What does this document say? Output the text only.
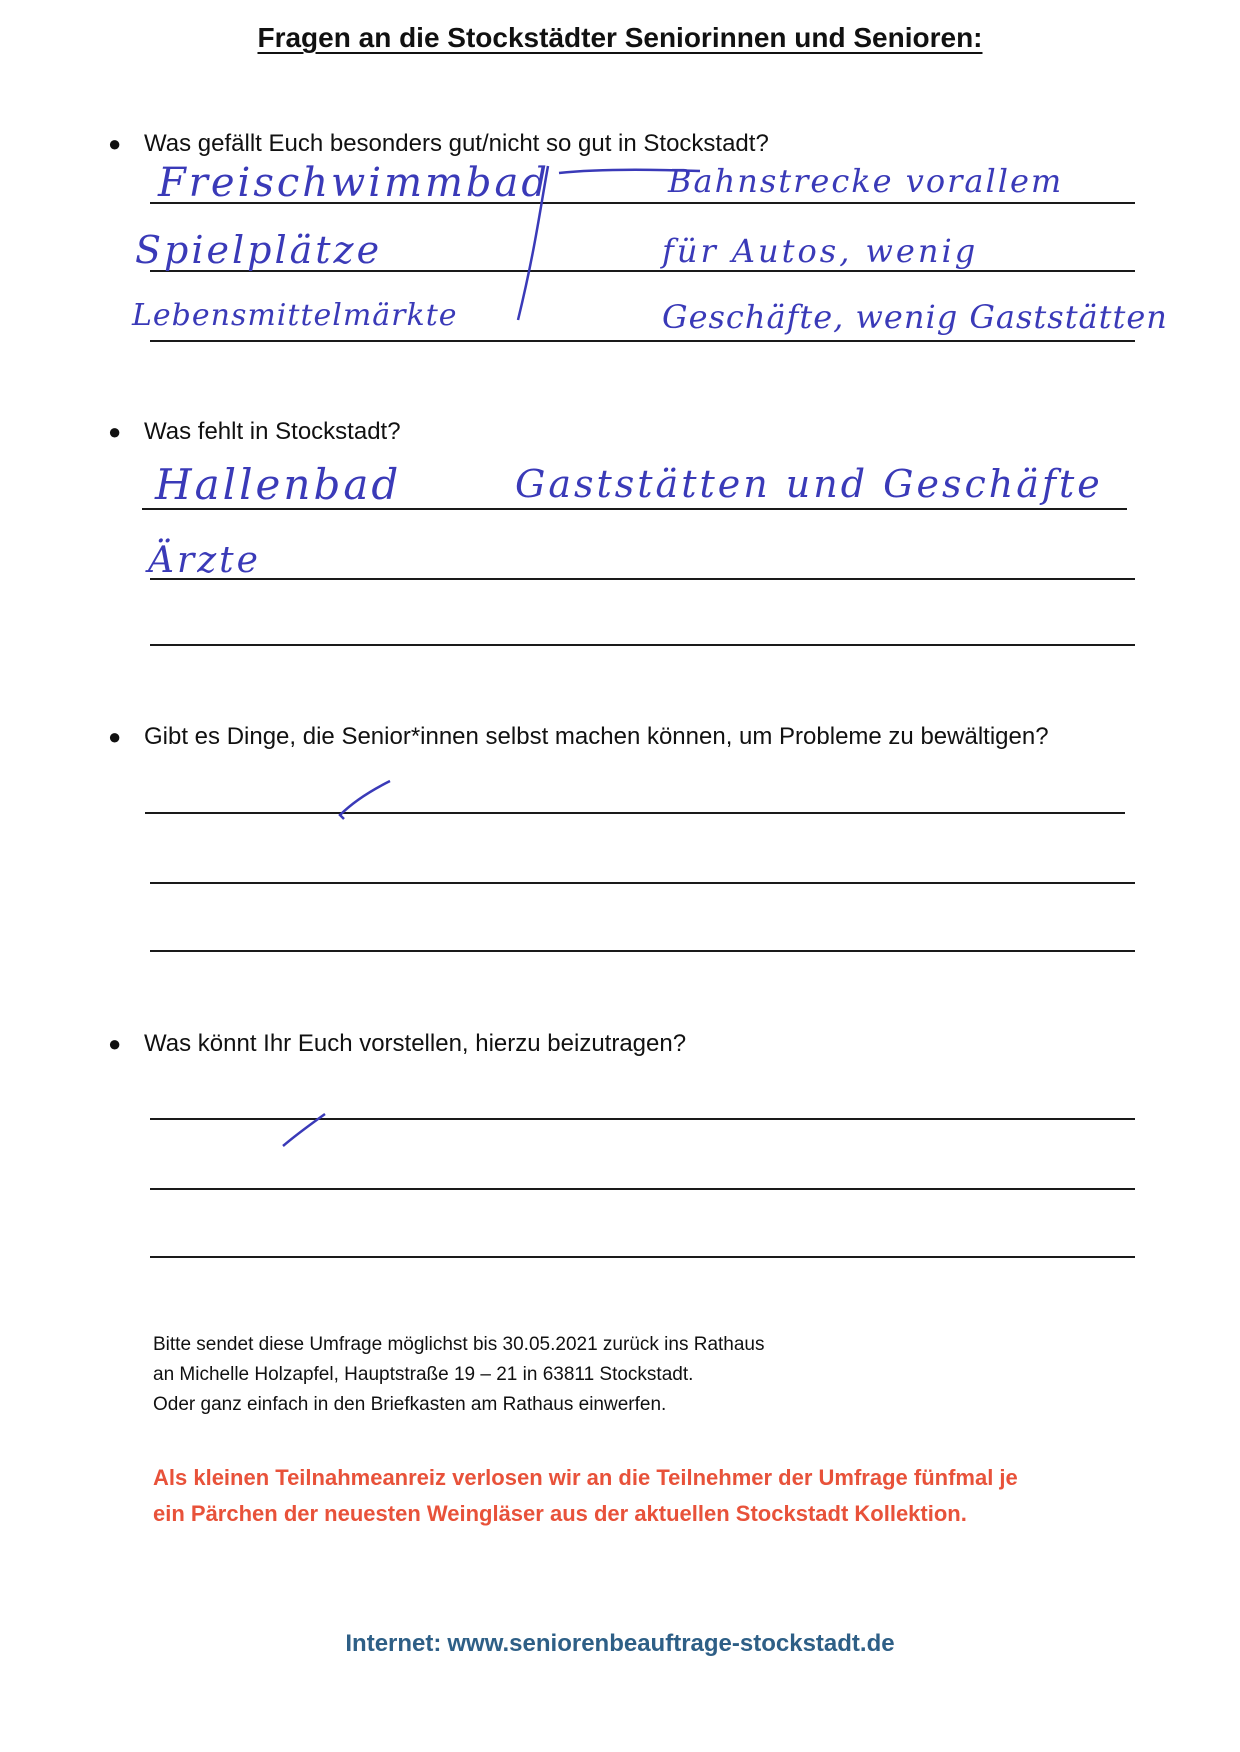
Fragen an die Stockstädter Seniorinnen und Senioren:
● Was gefällt Euch besonders gut/nicht so gut in Stockstadt?
Freischwimmbad
Spielplätze
Lebensmittelmärkte
Bahnstrecke vorallem
für Autos, wenig
Geschäfte, wenig Gaststätten
● Was fehlt in Stockstadt?
Hallenbad	Gaststätten und Geschäfte
Ärzte
● Gibt es Dinge, die Senior*innen selbst machen können, um Probleme zu bewältigen?
● Was könnt Ihr Euch vorstellen, hierzu beizutragen?
Bitte sendet diese Umfrage möglichst bis 30.05.2021 zurück ins Rathaus
an Michelle Holzapfel, Hauptstraße 19 – 21 in 63811 Stockstadt.
Oder ganz einfach in den Briefkasten am Rathaus einwerfen.
Als kleinen Teilnahmeanreiz verlosen wir an die Teilnehmer der Umfrage fünfmal je
ein Pärchen der neuesten Weingläser aus der aktuellen Stockstadt Kollektion.
Internet: www.seniorenbeauftrage-stockstadt.de
